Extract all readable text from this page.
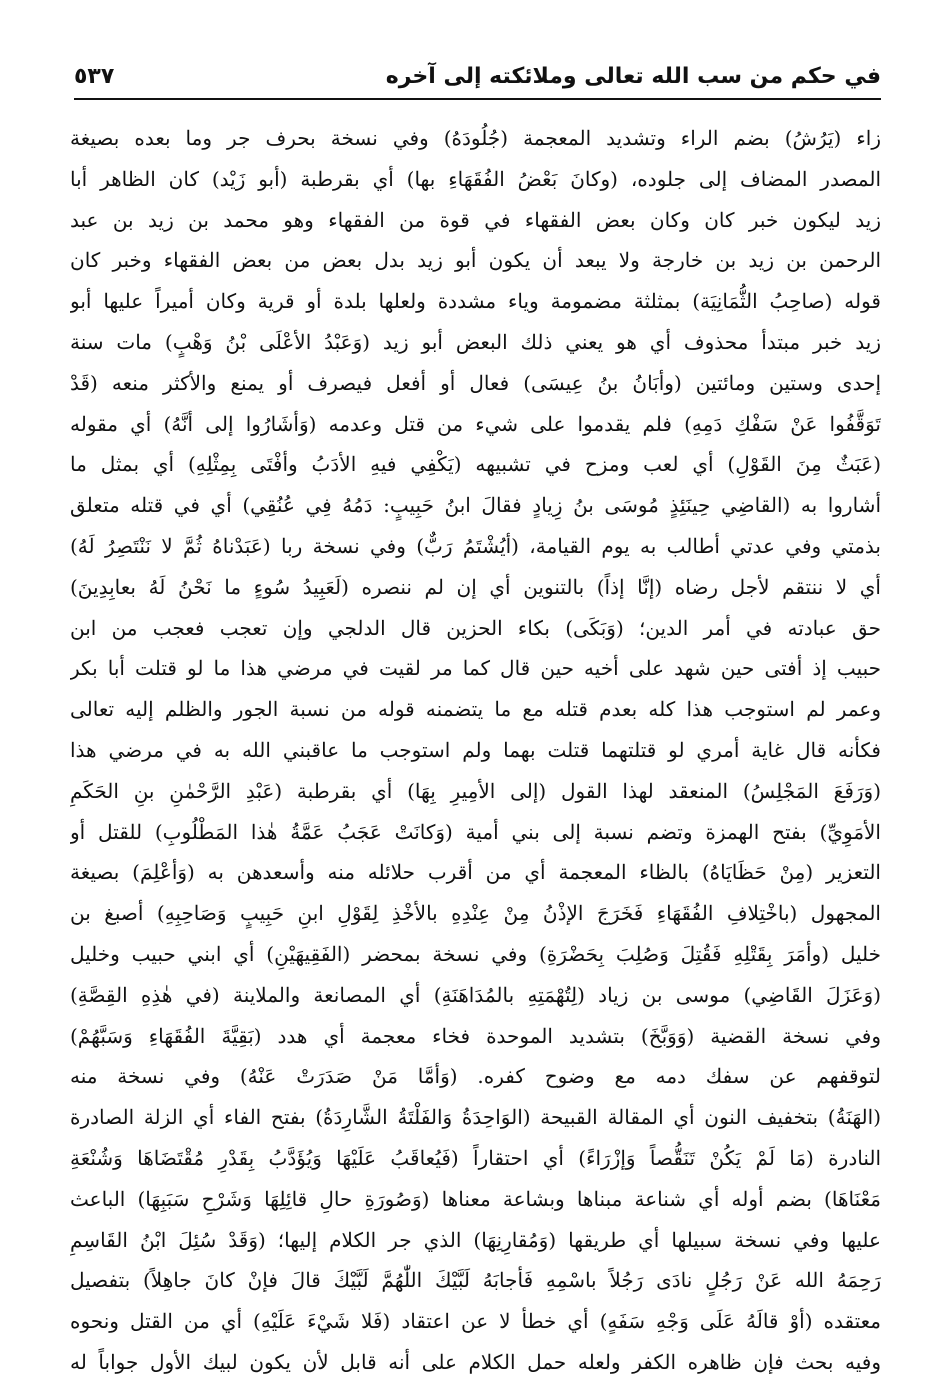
في حكم من سب الله تعالى وملائكته إلى آخره
٥٣٧
زاء (يَرُشُ) بضم الراء وتشديد المعجمة (جُلُودَهُ) وفي نسخة بحرف جر وما بعده بصيغة
المصدر المضاف إلى جلوده، (وكانَ بَعْضُ الفُقَهَاءِ بها) أي بقرطبة (أبو زَيْد) كان الظاهر أبا
زيد ليكون خبر كان وكان بعض الفقهاء في قوة من الفقهاء وهو محمد بن زيد بن عبد
الرحمن بن زيد بن خارجة ولا يبعد أن يكون أبو زيد بدل بعض من بعض الفقهاء وخبر كان
قوله (صاحِبُ الثُّمَانِيَة) بمثلثة مضمومة وياء مشددة ولعلها بلدة أو قرية وكان أميراً عليها أبو
زيد خبر مبتدأ محذوف أي هو يعني ذلك البعض أبو زيد (وَعَبْدُ الأعْلَى بْنُ وَهْبٍ) مات سنة
إحدى وستين ومائتين (وأبَانُ بنُ عِيسَى) فعال أو أفعل فيصرف أو يمنع والأكثر منعه (قَدْ
تَوَقَّفُوا عَنْ سَفْكِ دَمِهِ) فلم يقدموا على شيء من قتل وعدمه (وَأشَارُوا إلى أنَّهُ) أي مقوله
(عَبَثٌ مِنَ القَوْلِ) أي لعب ومزح في تشبيهه (يَكْفِي فيهِ الأدَبُ وأفْتَى بِمِثْلِهِ) أي بمثل ما
أشاروا به (القاضِي حِينَئِذٍ مُوسَى بنُ زِيادٍ فقالَ ابنُ حَبِيبٍ: دَمُهُ فِي عُنُقِي) أي في قتله متعلق
بذمتي وفي عدتي أطالب به يوم القيامة، (أيُشْتَمُ رَبٌّ) وفي نسخة ربا (عَبَدْناهُ ثُمَّ لا نَنْتَصِرُ لَهُ)
أي لا ننتقم لأجل رضاه (إنَّا إذاً) بالتنوين أي إن لم ننصره (لَعَبِيدُ سُوءٍ ما نَحْنُ لَهُ بعابِدِينَ)
حق عبادته في أمر الدين؛ (وَبَكَى) بكاء الحزين قال الدلجي وإن تعجب فعجب من ابن
حبيب إذ أفتى حين شهد على أخيه حين قال كما مر لقيت في مرضي هذا ما لو قتلت أبا بكر
وعمر لم استوجب هذا كله بعدم قتله مع ما يتضمنه قوله من نسبة الجور والظلم إليه تعالى
فكأنه قال غاية أمري لو قتلتهما قتلت بهما ولم استوجب ما عاقبني الله به في مرضي هذا
(وَرَفَعَ المَجْلِسُ) المنعقد لهذا القول (إلى الأمِيرِ بِهَا) أي بقرطبة (عَبْدِ الرَّحْمٰنِ بنِ الحَكَمِ
الأمَوِيِّ) بفتح الهمزة وتضم نسبة إلى بني أمية (وَكانَتْ عَجَبُ عَمَّةُ هٰذا المَطْلُوبِ) للقتل أو
التعزير (مِنْ حَظَايَاهُ) بالظاء المعجمة أي من أقرب حلائله منه وأسعدهن به (وَأعْلِمَ) بصيغة
المجهول (باخْتِلافِ الفُقَهَاءِ فَخَرَجَ الإذْنُ مِنْ عِنْدِهِ بالأخْذِ لِقَوْلِ ابنِ حَبِيبٍ وَصَاحِبِهِ) أصبغ بن
خليل (وأمَرَ بِقَتْلِهِ فَقُتِلَ وَصُلِبَ بِحَضْرَةِ) وفي نسخة بمحضر (الفَقِيهَيْنِ) أي ابني حبيب وخليل
(وَعَزَلَ القَاضِي) موسى بن زياد (لِتُهْمَتِهِ بالمُدَاهَنَةِ) أي المصانعة والملاينة (في هٰذِهِ القِصَّةِ)
وفي نسخة القضية (وَوَبَّخَ) بتشديد الموحدة فخاء معجمة أي هدد (بَقِيَّةَ الفُقَهَاءِ وَسَبَّهُمْ)
لتوقفهم عن سفك دمه مع وضوح كفره. (وَأمَّا مَنْ صَدَرَتْ عَنْهُ) وفي نسخة منه
(الهَنَةُ) بتخفيف النون أي المقالة القبيحة (الوَاحِدَةُ وَالفَلْتَةُ الشَّارِدَةُ) بفتح الفاء أي الزلة الصادرة
النادرة (مَا لَمْ يَكُنْ تَنَقُّصاً وَإزْرَاءً) أي احتقاراً (فَيُعاقَبُ عَلَيْهَا وَيُؤَدَّبُ بِقَدْرِ مُقْتَضَاهَا وَشُنْعَةِ
مَعْنَاهَا) بضم أوله أي شناعة مبناها وبشاعة معناها (وَصُورَةِ حالِ قائِلِهَا وَشَرْحِ سَبَبِهَا) الباعث
عليها وفي نسخة سبيلها أي طريقها (وَمُقارِنِهَا) الذي جر الكلام إليها؛ (وَقَدْ سُئِلَ ابْنُ القَاسِمِ
رَحِمَهُ الله عَنْ رَجُلٍ نادَى رَجُلاً باسْمِهِ فَأجابَهُ لَبَّيْكَ اللّٰهُمَّ لَبَّيْكَ قالَ فإنْ كانَ جاهِلاً) بتفصيل
معتقده (أوْ قالَهُ عَلَى وَجْهِ سَفَهٍ) أي خطأ لا عن اعتقاد (فَلا شَيْءَ عَلَيْهِ) أي من القتل ونحوه
وفيه بحث فإن ظاهره الكفر ولعله حمل الكلام على أنه قابل لأن يكون لبيك الأول جواباً له
